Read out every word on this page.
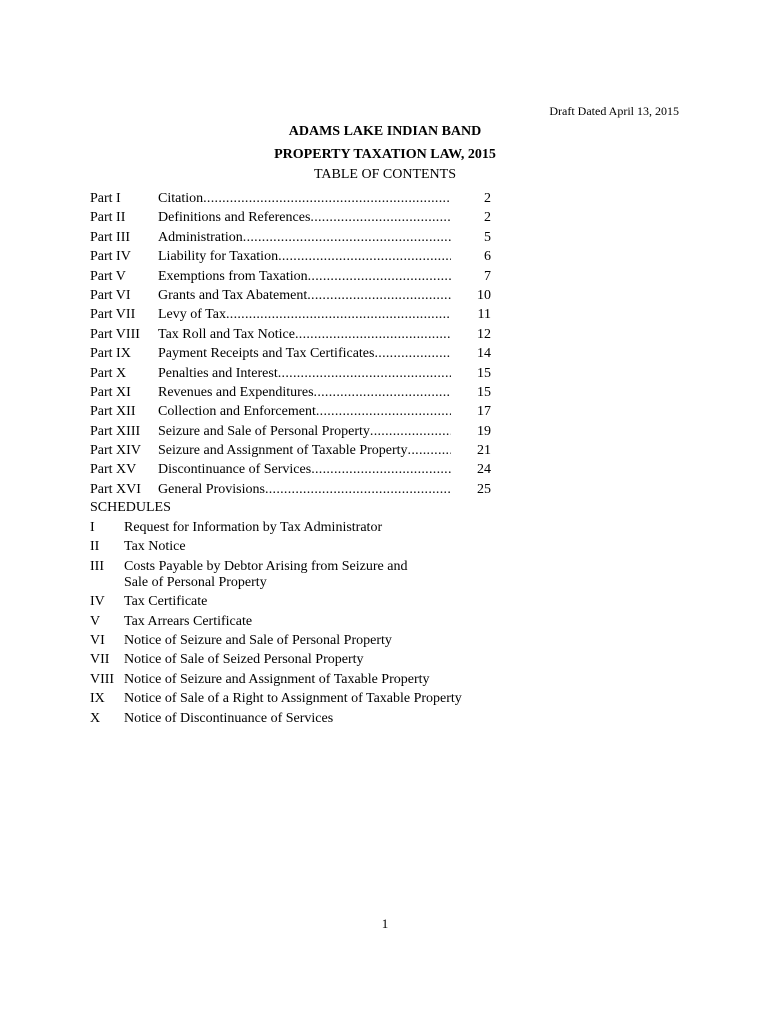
Draft Dated April 13, 2015
ADAMS LAKE INDIAN BAND
PROPERTY TAXATION LAW, 2015
TABLE OF CONTENTS
Part I	Citation .....	2
Part II	Definitions and References .....	2
Part III	Administration .....	5
Part IV	Liability for Taxation .....	6
Part V	Exemptions from Taxation .....	7
Part VI	Grants and Tax Abatement .....	10
Part VII	Levy of Tax .....	11
Part VIII	Tax Roll and Tax Notice .....	12
Part IX	Payment Receipts and Tax Certificates .....	14
Part X	Penalties and Interest .....	15
Part XI	Revenues and Expenditures .....	15
Part XII	Collection and Enforcement .....	17
Part XIII	Seizure and Sale of Personal Property .....	19
Part XIV	Seizure and Assignment of Taxable Property .....	21
Part XV	Discontinuance of Services .....	24
Part XVI	General Provisions .....	25
SCHEDULES
I	Request for Information by Tax Administrator
II	Tax Notice
III	Costs Payable by Debtor Arising from Seizure and Sale of Personal Property
IV	Tax Certificate
V	Tax Arrears Certificate
VI	Notice of Seizure and Sale of Personal Property
VII	Notice of Sale of Seized Personal Property
VIII Notice of Seizure and Assignment of Taxable Property
IX	Notice of Sale of a Right to Assignment of Taxable Property
X	Notice of Discontinuance of Services
1
